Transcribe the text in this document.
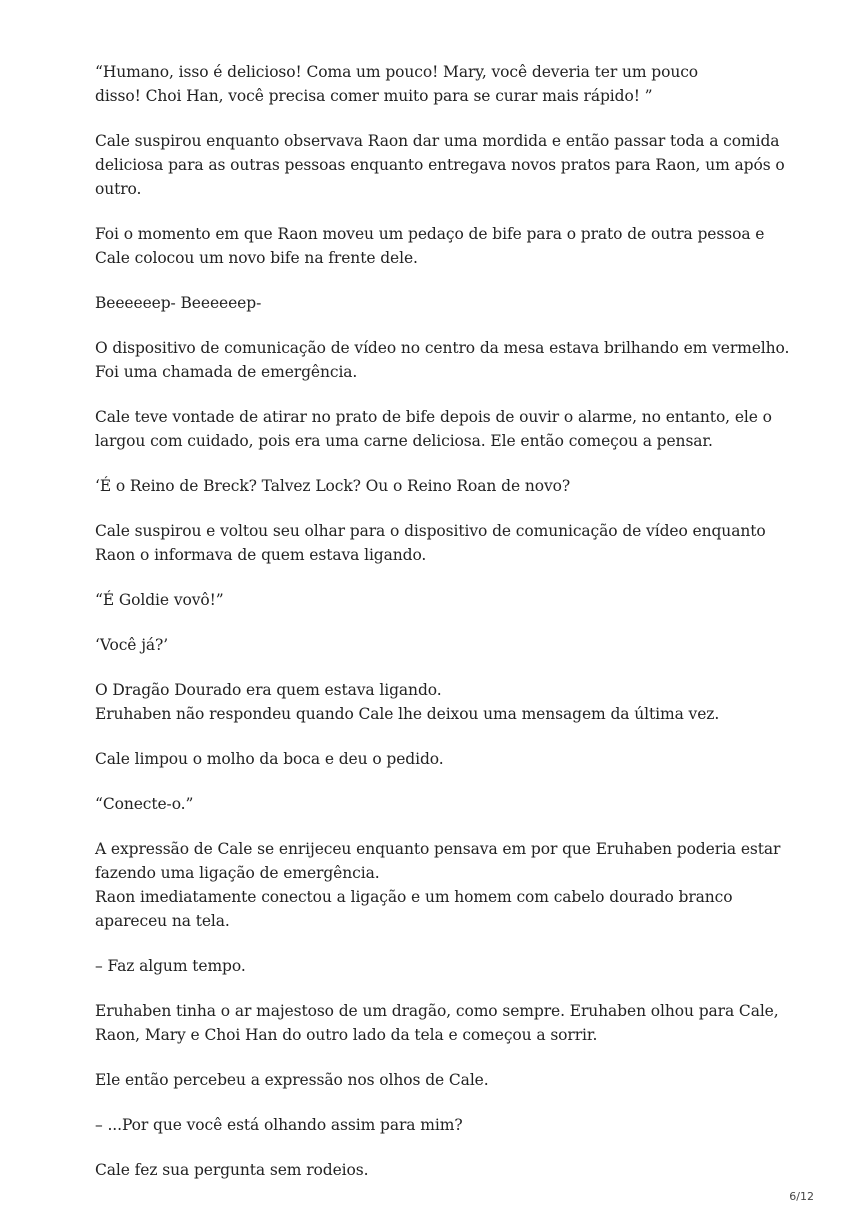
“Humano, isso é delicioso! Coma um pouco! Mary, você deveria ter um pouco
disso! Choi Han, você precisa comer muito para se curar mais rápido! ”

Cale suspirou enquanto observava Raon dar uma mordida e então passar toda a comida
deliciosa para as outras pessoas enquanto entregava novos pratos para Raon, um após o
outro.

Foi o momento em que Raon moveu um pedaço de bife para o prato de outra pessoa e
Cale colocou um novo bife na frente dele.

Beeeeeep- Beeeeeep-

O dispositivo de comunicação de vídeo no centro da mesa estava brilhando em vermelho.
Foi uma chamada de emergência.

Cale teve vontade de atirar no prato de bife depois de ouvir o alarme, no entanto, ele o
largou com cuidado, pois era uma carne deliciosa. Ele então começou a pensar.

‘É o Reino de Breck? Talvez Lock? Ou o Reino Roan de novo?

Cale suspirou e voltou seu olhar para o dispositivo de comunicação de vídeo enquanto
Raon o informava de quem estava ligando.

“É Goldie vovô!”

‘Você já?’

O Dragão Dourado era quem estava ligando.
Eruhaben não respondeu quando Cale lhe deixou uma mensagem da última vez.

Cale limpou o molho da boca e deu o pedido.

“Conecte-o.”

A expressão de Cale se enrijeceu enquanto pensava em por que Eruhaben poderia estar
fazendo uma ligação de emergência.
Raon imediatamente conectou a ligação e um homem com cabelo dourado branco
apareceu na tela.

– Faz algum tempo.

Eruhaben tinha o ar majestoso de um dragão, como sempre. Eruhaben olhou para Cale,
Raon, Mary e Choi Han do outro lado da tela e começou a sorrir.

Ele então percebeu a expressão nos olhos de Cale.

– ...Por que você está olhando assim para mim?

Cale fez sua pergunta sem rodeios.

6/12
